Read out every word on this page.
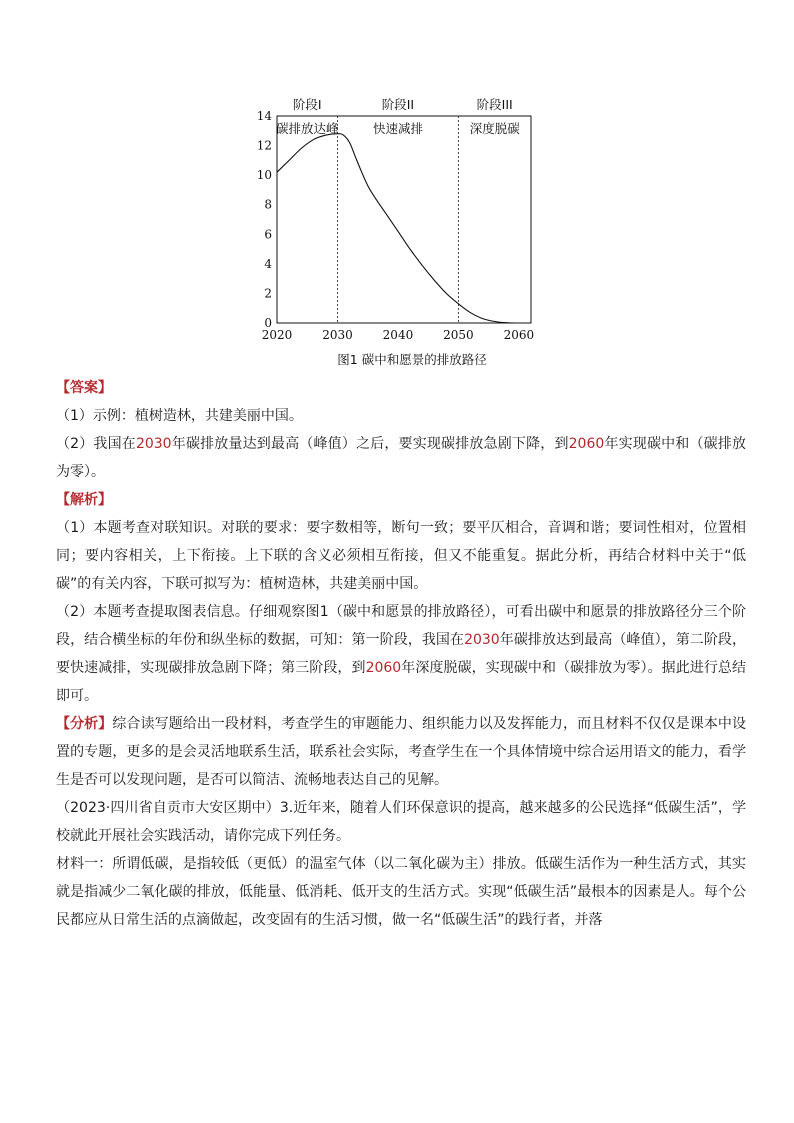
0
2
4
6
8
10
12
14
2020 2030 2040 2050 2060
阶段I
碳排放达峰
阶段II
快速减排
阶段III
深度脱碳
图1 碳中和愿景的排放路径

【答案】

（1）示例：植树造林，共建美丽中国。

（2）我国在2030年碳排放量达到最高（峰值）之后，要实现碳排放急剧下降，到2060年实现碳中和（碳排放为零）。

【解析】

（1）本题考查对联知识。对联的要求：要字数相等，断句一致；要平仄相合，音调和谐；要词性相对，位置相同；要内容相关，上下衔接。上下联的含义必须相互衔接，但又不能重复。据此分析，再结合材料中关于“低碳”的有关内容，下联可拟写为：植树造林，共建美丽中国。

（2）本题考查提取图表信息。仔细观察图1（碳中和愿景的排放路径），可看出碳中和愿景的排放路径分三个阶段，结合横坐标的年份和纵坐标的数据，可知：第一阶段，我国在2030年碳排放达到最高（峰值），第二阶段，要快速减排，实现碳排放急剧下降；第三阶段，到2060年深度脱碳，实现碳中和（碳排放为零）。据此进行总结即可。

【分析】综合读写题给出一段材料，考查学生的审题能力、组织能力以及发挥能力，而且材料不仅仅是课本中设置的专题，更多的是会灵活地联系生活，联系社会实际，考查学生在一个具体情境中综合运用语文的能力，看学生是否可以发现问题，是否可以简洁、流畅地表达自己的见解。

（2023·四川省自贡市大安区期中）3.近年来，随着人们环保意识的提高，越来越多的公民选择“低碳生活”，学校就此开展社会实践活动，请你完成下列任务。

材料一：所谓低碳，是指较低（更低）的温室气体（以二氧化碳为主）排放。低碳生活作为一种生活方式，其实就是指减少二氧化碳的排放，低能量、低消耗、低开支的生活方式。实现“低碳生活”最根本的因素是人。每个公民都应从日常生活的点滴做起，改变固有的生活习惯，做一名“低碳生活”的践行者，并落
